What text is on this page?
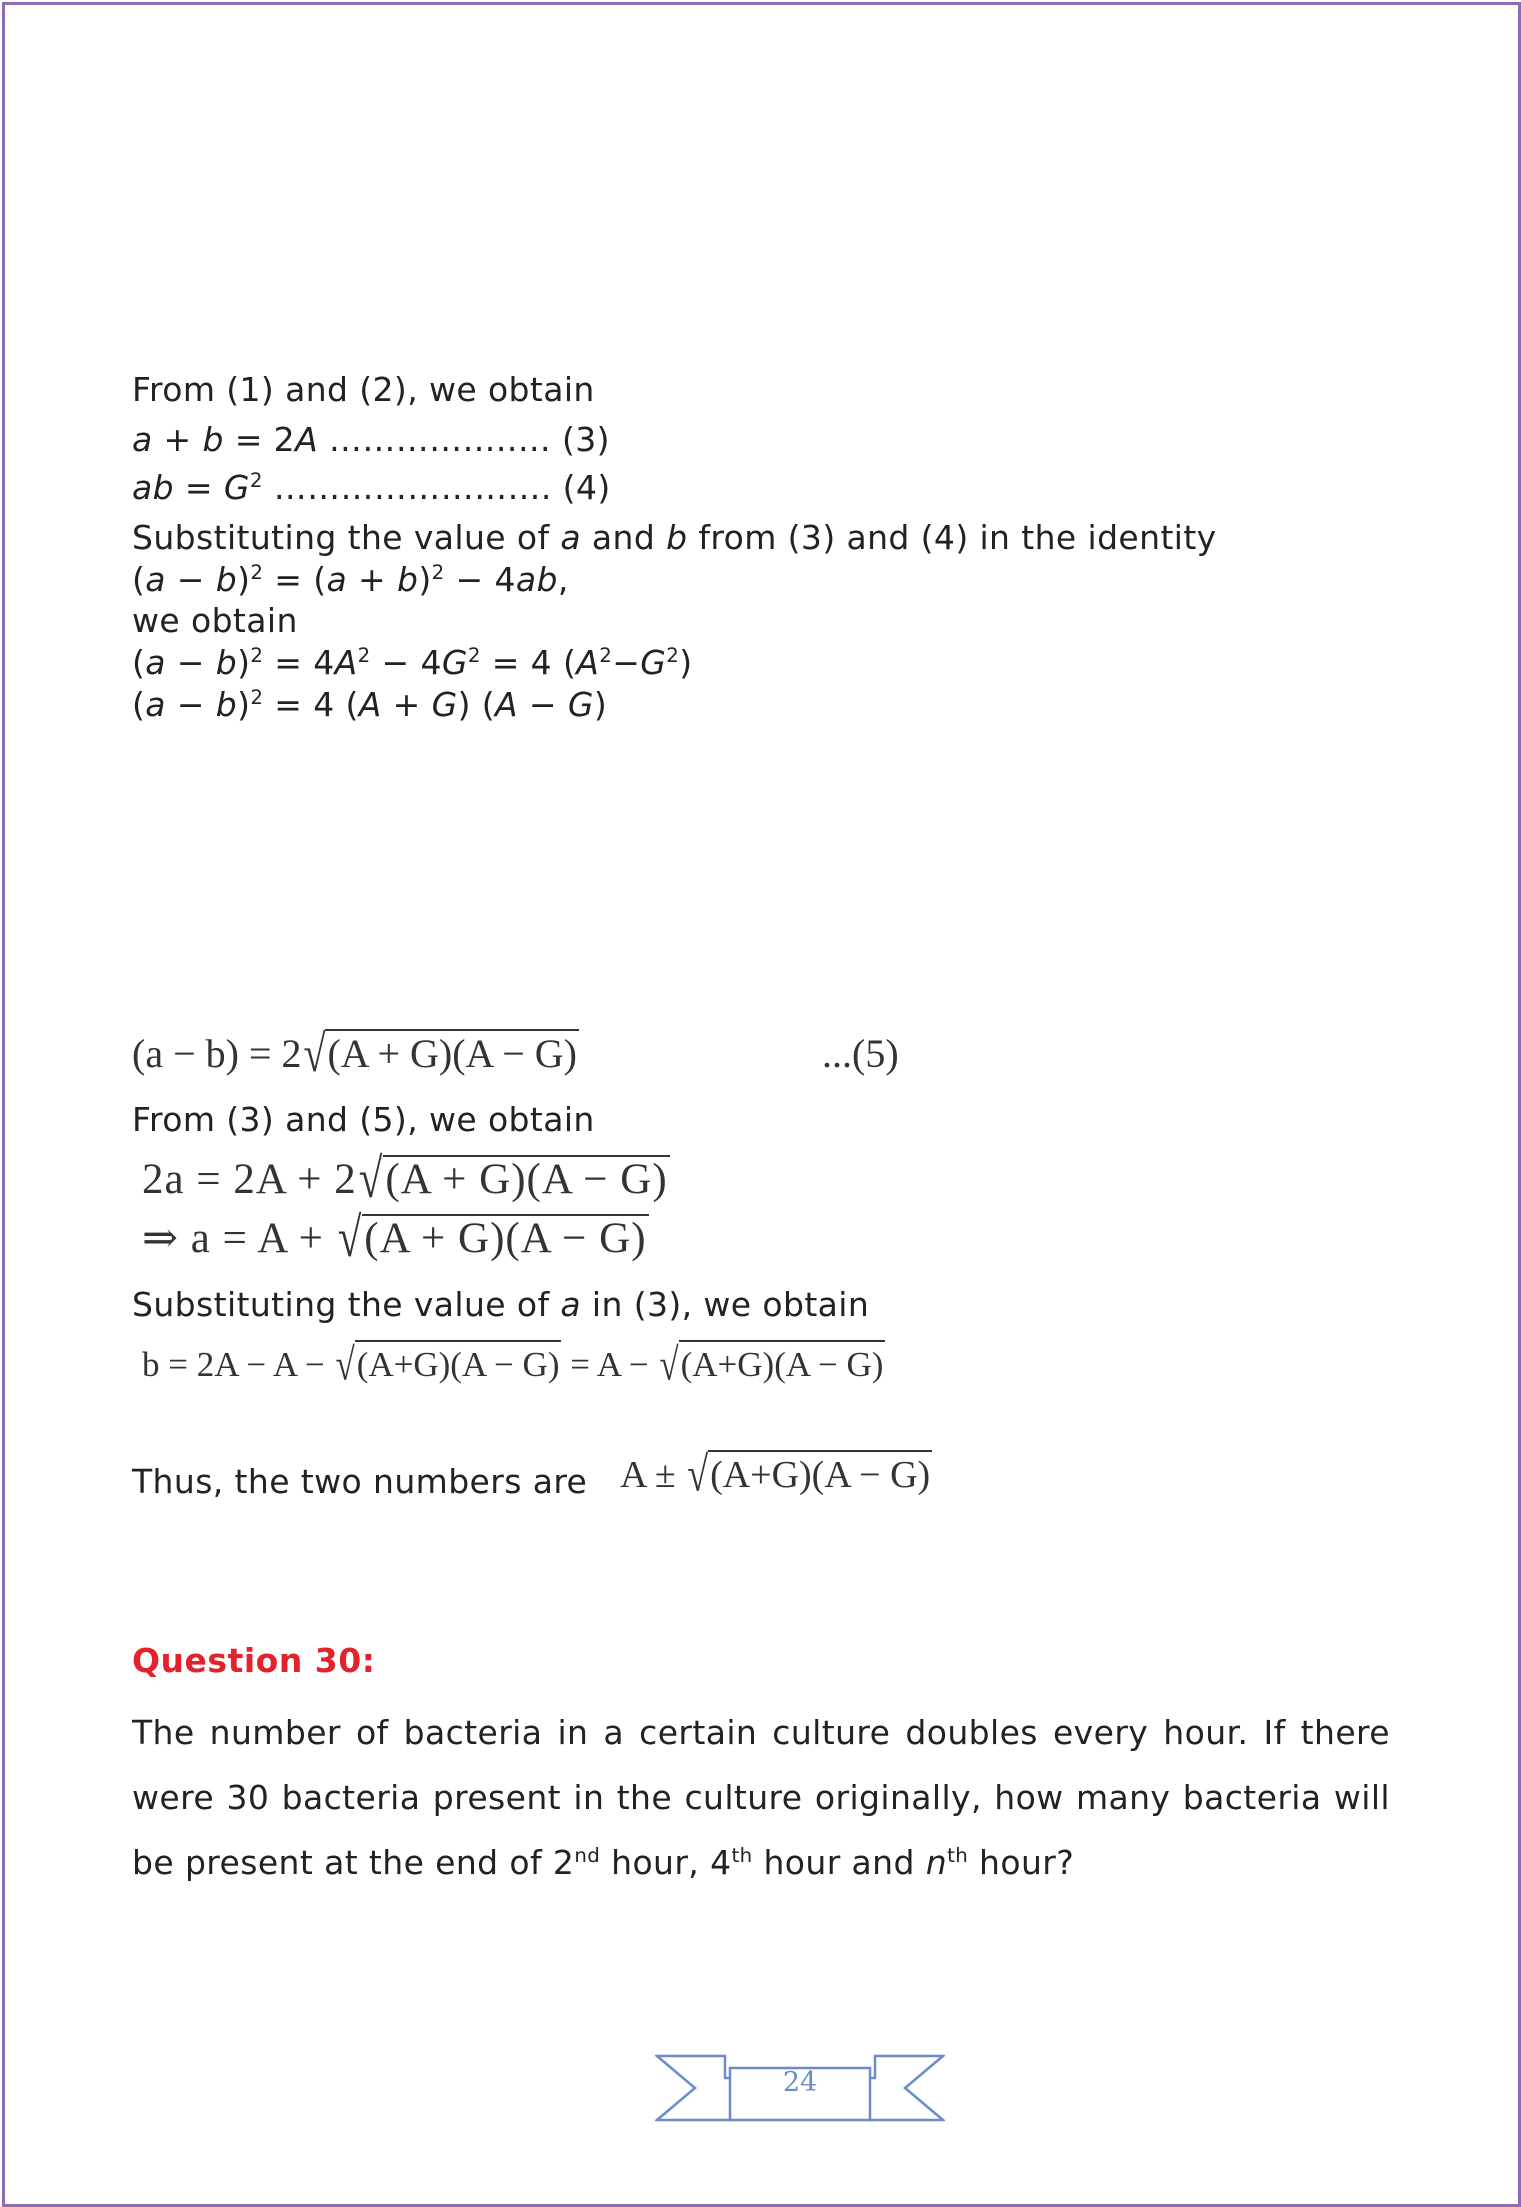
From (1) and (2), we obtain
a + b = 2A ……………..… (3)
ab = $G^2$ ……………………. (4)
Substituting the value of a and b from (3) and (4) in the identity
$(a - b)^2 = (a + b)^2 - 4ab$,
we obtain
$(a - b)^2 = 4A^2 - 4G^2 = 4$ $(A^2-G^2)$
$(a - b)^2 = 4$ (A + G) (A − G)
(a − b) = 2√(A + G)(A − G)	...(5)
From (3) and (5), we obtain
2a = 2A + 2√(A + G)(A − G)
⇒ a = A + √(A + G)(A − G)
Substituting the value of a in (3), we obtain
b = 2A − A − √(A+G)(A − G) = A − √(A+G)(A − G)
Thus, the two numbers are A ± √(A+G)(A − G)
Question 30:
The number of bacteria in a certain culture doubles every hour. If there were 30 bacteria present in the culture originally, how many bacteria will be present at the end of 2nd hour, 4th hour and $n^{th}$ hour?
24
